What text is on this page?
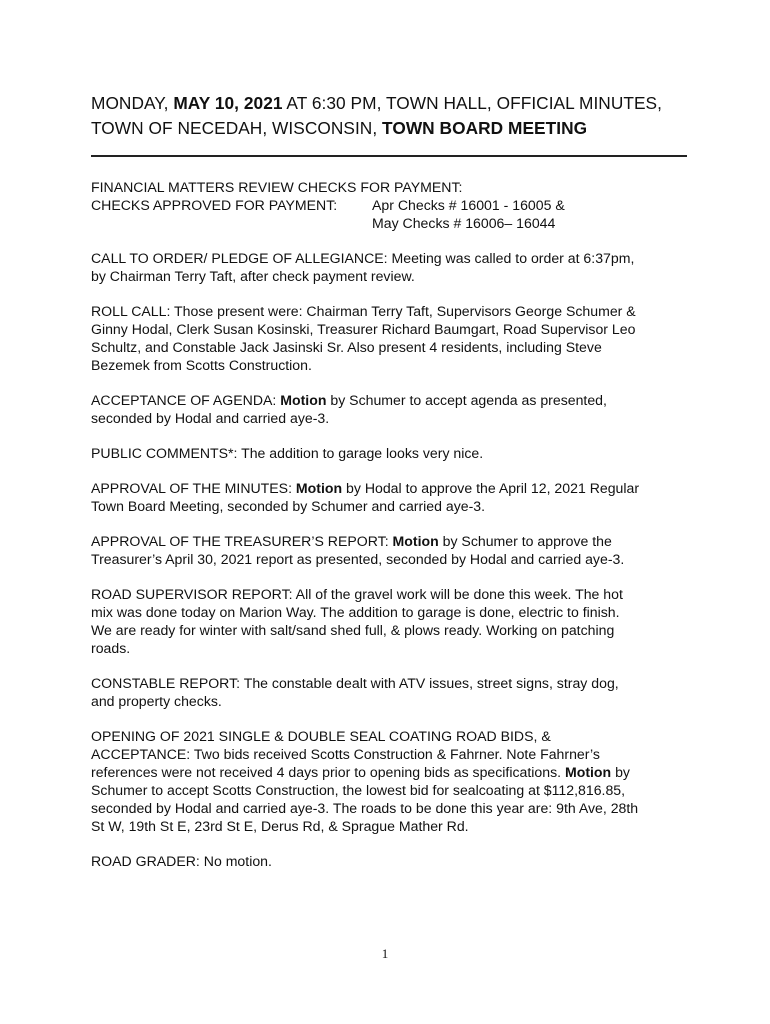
MONDAY, MAY 10, 2021 AT 6:30 PM, TOWN HALL, OFFICIAL MINUTES,
TOWN OF NECEDAH, WISCONSIN, TOWN BOARD MEETING

FINANCIAL MATTERS REVIEW CHECKS FOR PAYMENT:
CHECKS APPROVED FOR PAYMENT: Apr Checks # 16001 - 16005 &
May Checks # 16006– 16044

CALL TO ORDER/ PLEDGE OF ALLEGIANCE: Meeting was called to order at 6:37pm,
by Chairman Terry Taft, after check payment review.

ROLL CALL: Those present were: Chairman Terry Taft, Supervisors George Schumer &
Ginny Hodal, Clerk Susan Kosinski, Treasurer Richard Baumgart, Road Supervisor Leo
Schultz, and Constable Jack Jasinski Sr. Also present 4 residents, including Steve
Bezemek from Scotts Construction.

ACCEPTANCE OF AGENDA: Motion by Schumer to accept agenda as presented,
seconded by Hodal and carried aye-3.

PUBLIC COMMENTS*: The addition to garage looks very nice.

APPROVAL OF THE MINUTES: Motion by Hodal to approve the April 12, 2021 Regular
Town Board Meeting, seconded by Schumer and carried aye-3.

APPROVAL OF THE TREASURER’S REPORT: Motion by Schumer to approve the
Treasurer’s April 30, 2021 report as presented, seconded by Hodal and carried aye-3.

ROAD SUPERVISOR REPORT: All of the gravel work will be done this week. The hot
mix was done today on Marion Way. The addition to garage is done, electric to finish.
We are ready for winter with salt/sand shed full, & plows ready. Working on patching
roads.

CONSTABLE REPORT: The constable dealt with ATV issues, street signs, stray dog,
and property checks.

OPENING OF 2021 SINGLE & DOUBLE SEAL COATING ROAD BIDS, &
ACCEPTANCE: Two bids received Scotts Construction & Fahrner. Note Fahrner’s
references were not received 4 days prior to opening bids as specifications. Motion by
Schumer to accept Scotts Construction, the lowest bid for sealcoating at $112,816.85,
seconded by Hodal and carried aye-3. The roads to be done this year are: 9th Ave, 28th
St W, 19th St E, 23rd St E, Derus Rd, & Sprague Mather Rd.

ROAD GRADER: No motion.

1
